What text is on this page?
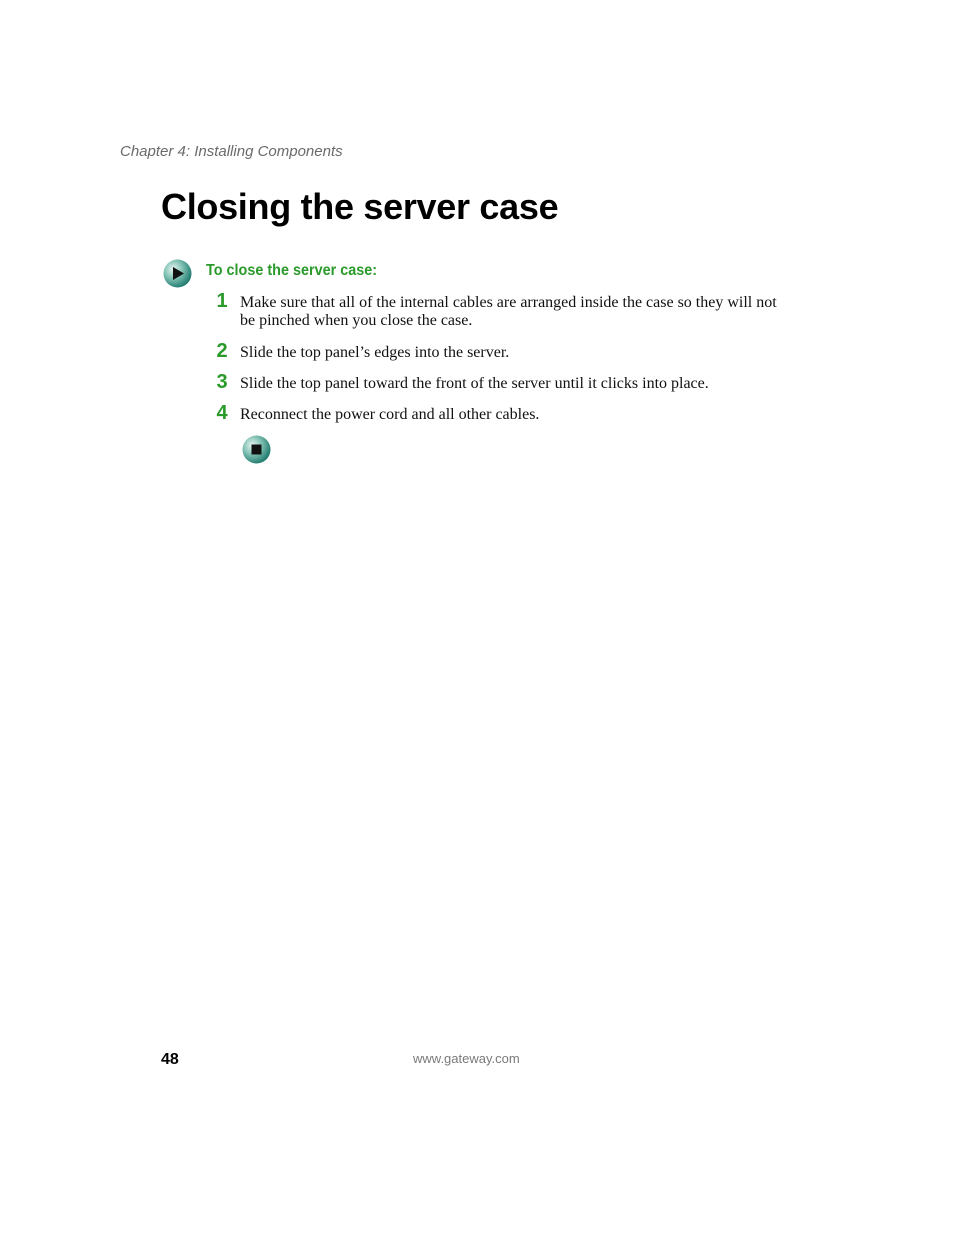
Chapter 4: Installing Components
Closing the server case
To close the server case:
1 Make sure that all of the internal cables are arranged inside the case so they will not be pinched when you close the case.
2 Slide the top panel’s edges into the server.
3 Slide the top panel toward the front of the server until it clicks into place.
4 Reconnect the power cord and all other cables.
48	www.gateway.com
